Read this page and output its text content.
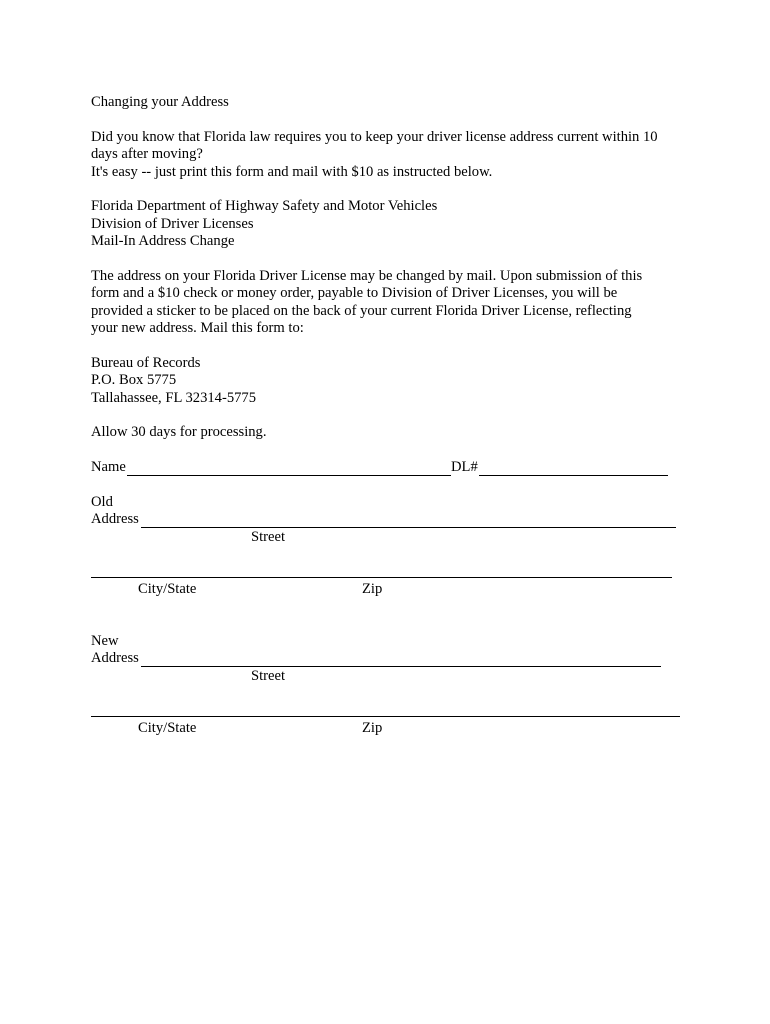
Changing your Address
Did you know that Florida law requires you to keep your driver license address current within 10
days after moving?
It's easy -- just print this form and mail with $10 as instructed below.
Florida Department of Highway Safety and Motor Vehicles
Division of Driver Licenses
Mail-In Address Change
The address on your Florida Driver License may be changed by mail. Upon submission of this
form and a $10 check or money order, payable to Division of Driver Licenses, you will be
provided a sticker to be placed on the back of your current Florida Driver License, reflecting
your new address. Mail this form to:
Bureau of Records
P.O. Box 5775
Tallahassee, FL 32314-5775
Allow 30 days for processing.
Name	DL#
Old
Address
Street
City/State	Zip
New
Address
Street
City/State	Zip
